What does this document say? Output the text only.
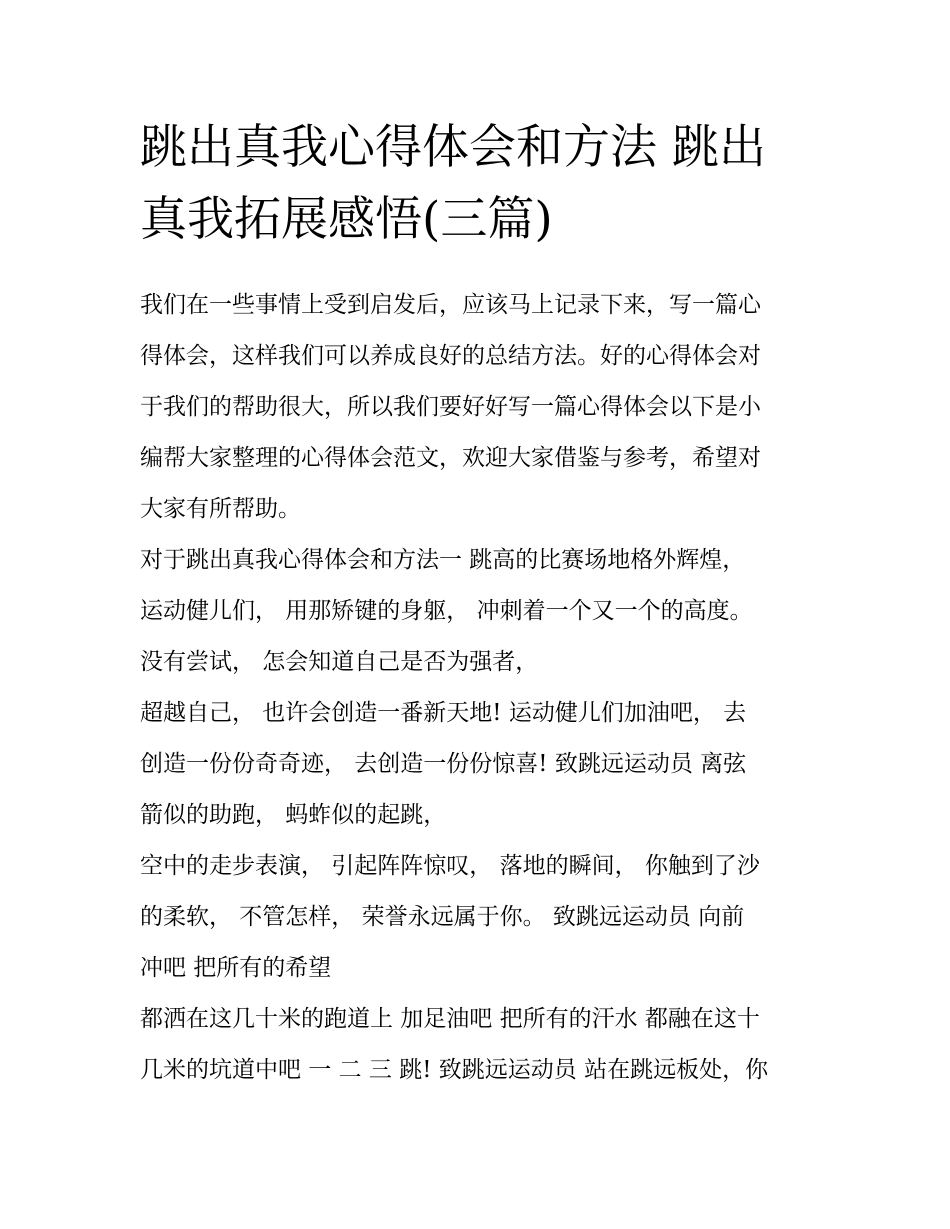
跳出真我心得体会和方法 跳出
真我拓展感悟(三篇)
我们在一些事情上受到启发后，应该马上记录下来，写一篇心
得体会，这样我们可以养成良好的总结方法。好的心得体会对
于我们的帮助很大，所以我们要好好写一篇心得体会以下是小
编帮大家整理的心得体会范文，欢迎大家借鉴与参考，希望对
大家有所帮助。
对于跳出真我心得体会和方法一 跳高的比赛场地格外辉煌，
运动健儿们， 用那矫键的身躯， 冲刺着一个又一个的高度。
没有尝试， 怎会知道自己是否为强者，
超越自己， 也许会创造一番新天地! 运动健儿们加油吧， 去
创造一份份奇奇迹， 去创造一份份惊喜! 致跳远运动员 离弦
箭似的助跑， 蚂蚱似的起跳，
空中的走步表演， 引起阵阵惊叹， 落地的瞬间， 你触到了沙
的柔软， 不管怎样， 荣誉永远属于你。 致跳远运动员 向前
冲吧 把所有的希望
都洒在这几十米的跑道上 加足油吧 把所有的汗水 都融在这十
几米的坑道中吧 一 二 三 跳! 致跳远运动员 站在跳远板处，你
